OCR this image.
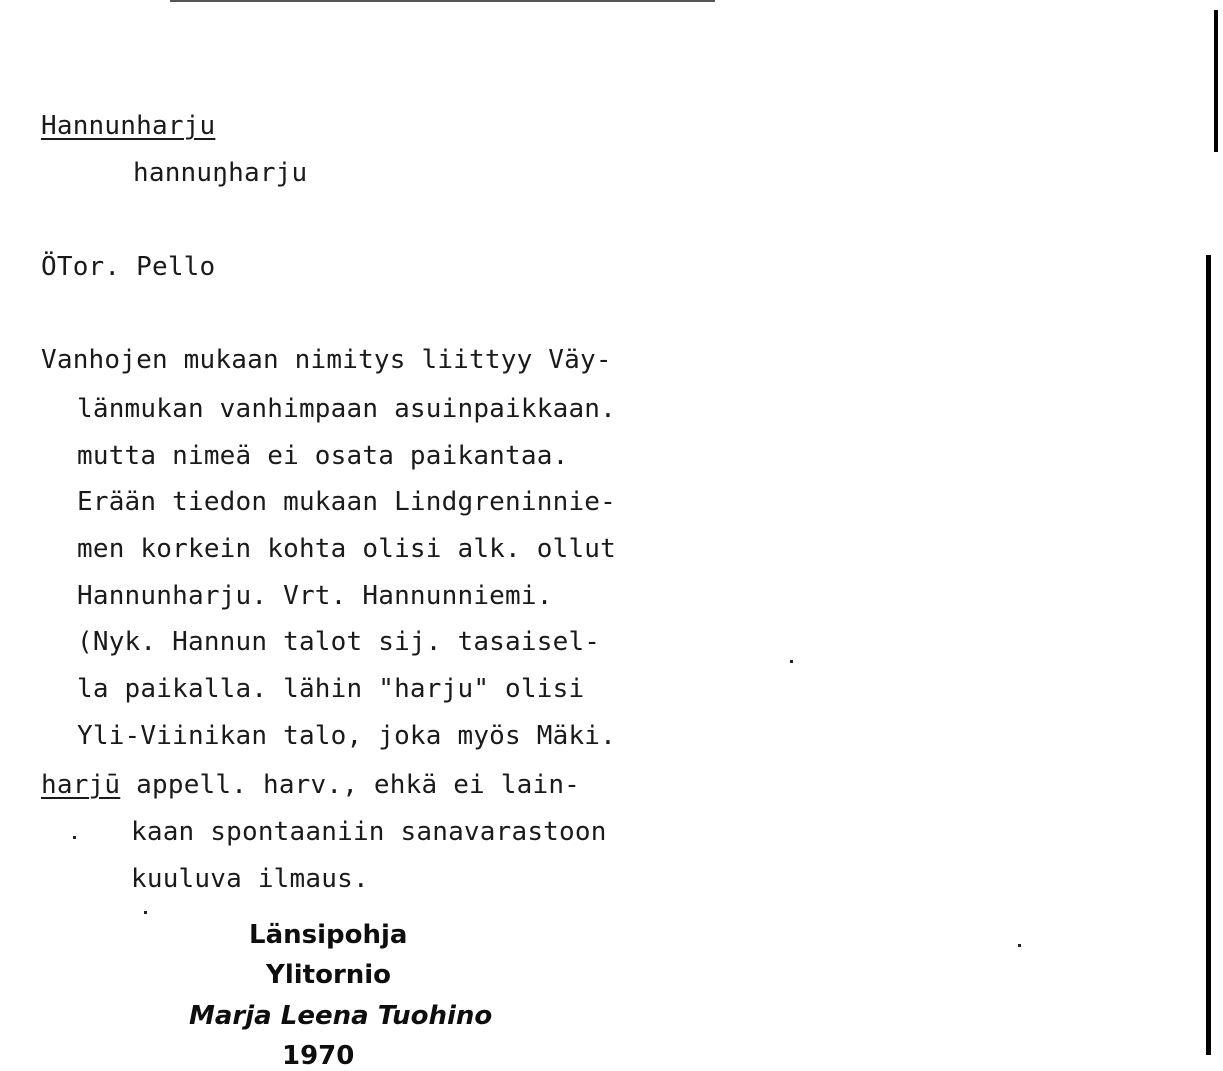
Hannunharju
hannuŋharju
ÖTor. Pello
Vanhojen mukaan nimitys liittyy Väy-
länmukan vanhimpaan asuinpaikkaan.
mutta nimeä ei osata paikantaa.
Erään tiedon mukaan Lindgreninnie-
men korkein kohta olisi alk. ollut
Hannunharju. Vrt. Hannunniemi.
(Nyk. Hannun talot sij. tasaisel-
la paikalla. lähin "harju" olisi
Yli-Viinikan talo, joka myös Mäki.
harjū appell. harv., ehkä ei lain-
kaan spontaaniin sanavarastoon
kuuluva ilmaus.
Länsipohja
Ylitornio
Marja Leena Tuohino
1970
